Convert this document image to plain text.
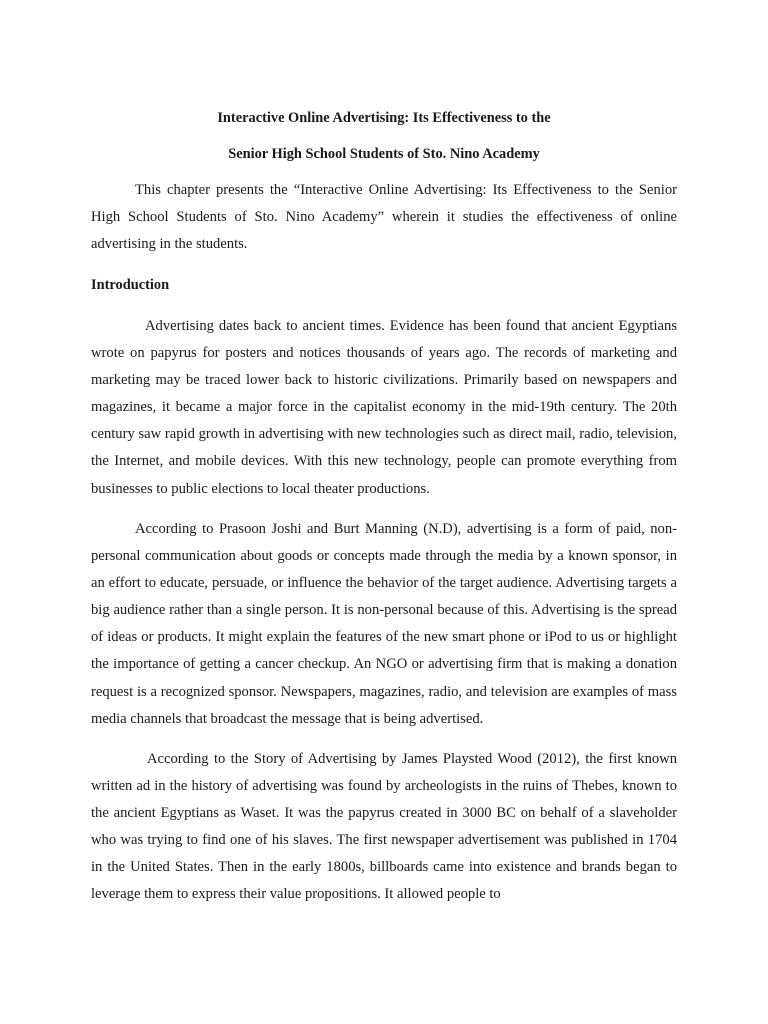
Interactive Online Advertising: Its Effectiveness to the
Senior High School Students of Sto. Nino Academy

This chapter presents the “Interactive Online Advertising: Its Effectiveness to the Senior High School Students of Sto. Nino Academy” wherein it studies the effectiveness of online advertising in the students.

Introduction

Advertising dates back to ancient times. Evidence has been found that ancient Egyptians wrote on papyrus for posters and notices thousands of years ago. The records of marketing and marketing may be traced lower back to historic civilizations. Primarily based on newspapers and magazines, it became a major force in the capitalist economy in the mid-19th century. The 20th century saw rapid growth in advertising with new technologies such as direct mail, radio, television, the Internet, and mobile devices. With this new technology, people can promote everything from businesses to public elections to local theater productions.

According to Prasoon Joshi and Burt Manning (N.D), advertising is a form of paid, non-personal communication about goods or concepts made through the media by a known sponsor, in an effort to educate, persuade, or influence the behavior of the target audience. Advertising targets a big audience rather than a single person. It is non-personal because of this. Advertising is the spread of ideas or products. It might explain the features of the new smart phone or iPod to us or highlight the importance of getting a cancer checkup. An NGO or advertising firm that is making a donation request is a recognized sponsor. Newspapers, magazines, radio, and television are examples of mass media channels that broadcast the message that is being advertised.

According to the Story of Advertising by James Playsted Wood (2012), the first known written ad in the history of advertising was found by archeologists in the ruins of Thebes, known to the ancient Egyptians as Waset. It was the papyrus created in 3000 BC on behalf of a slaveholder who was trying to find one of his slaves. The first newspaper advertisement was published in 1704 in the United States. Then in the early 1800s, billboards came into existence and brands began to leverage them to express their value propositions. It allowed people to
